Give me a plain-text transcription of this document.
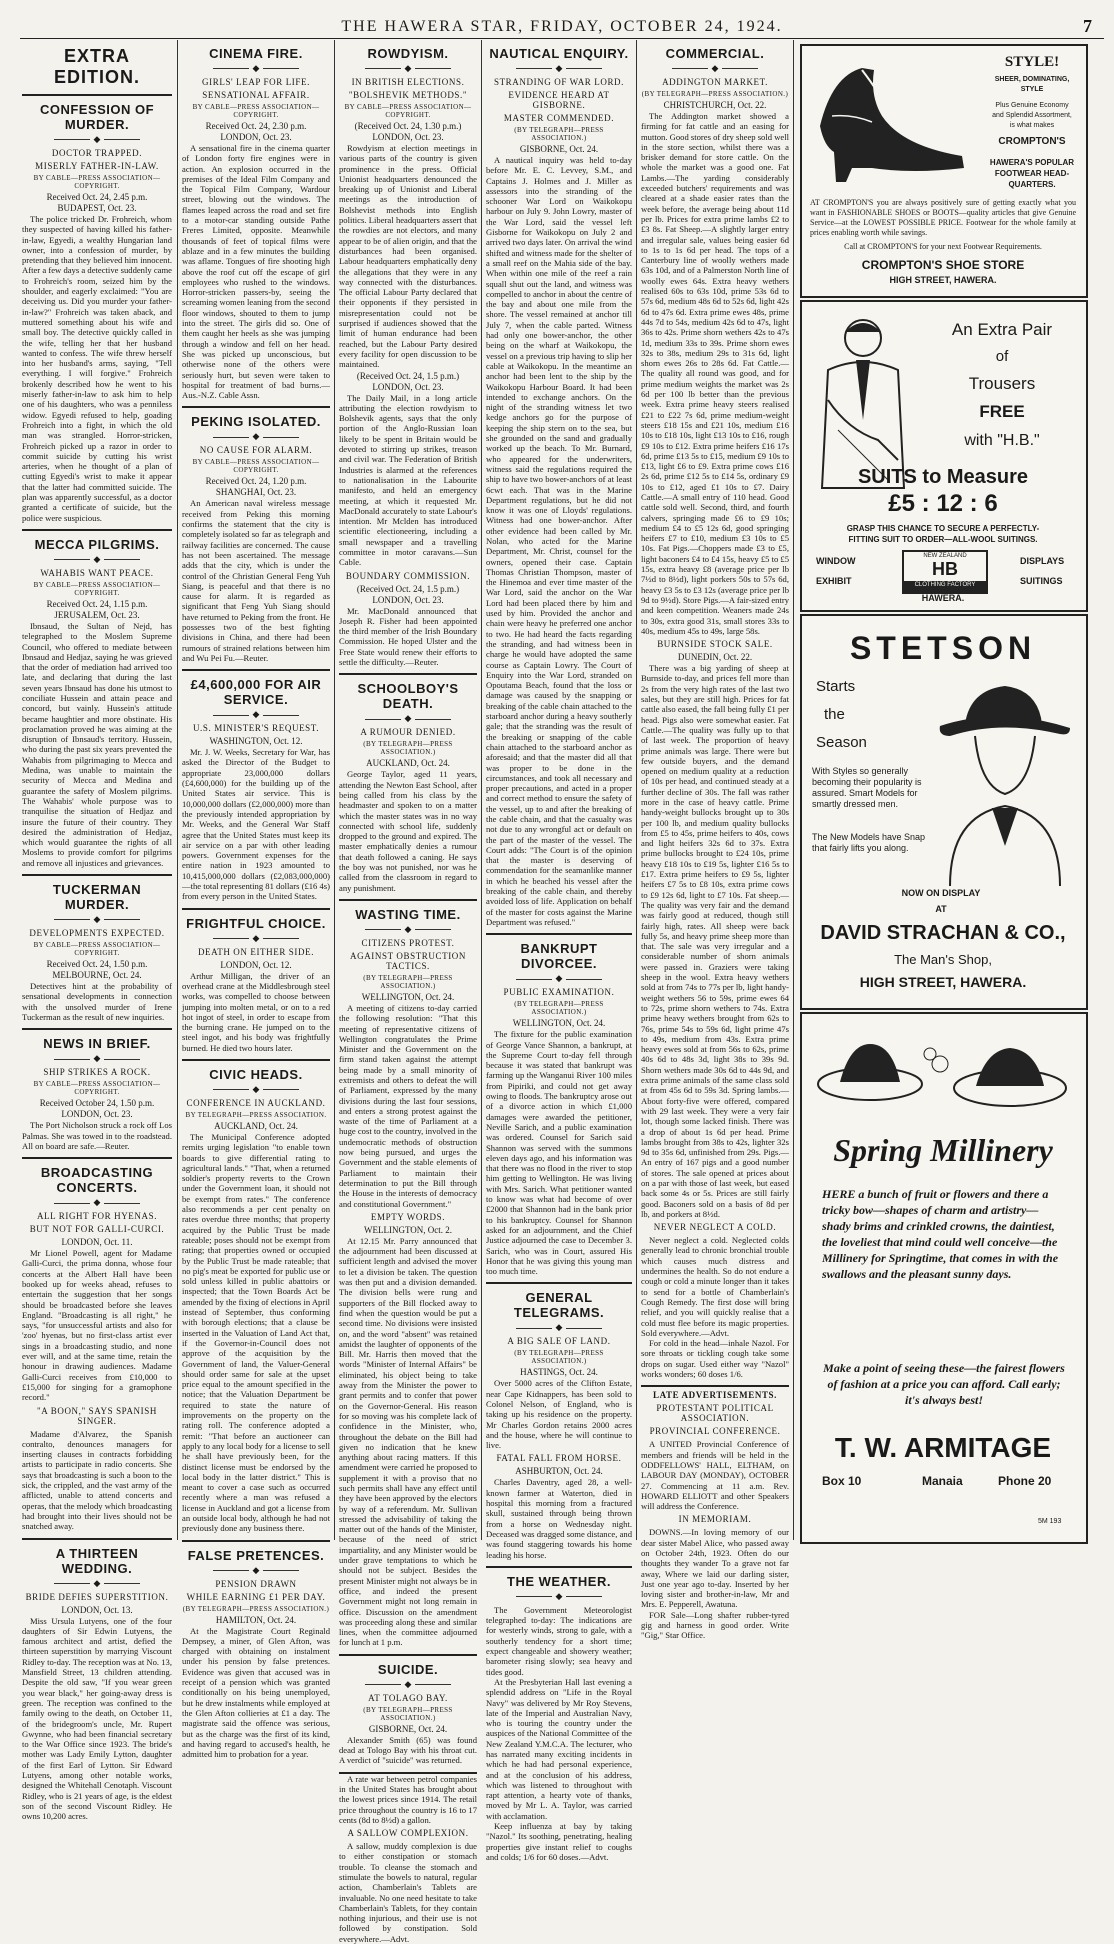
THE HAWERA STAR, FRIDAY, OCTOBER 24, 1924.	7
EXTRA EDITION.
CONFESSION OF MURDER.
◆
DOCTOR TRAPPED.
MISERLY FATHER-IN-LAW.
BY CABLE—PRESS ASSOCIATION—COPYRIGHT.
Received Oct. 24, 2.45 p.m.
BUDAPEST, Oct. 23.

The police tricked Dr. Frohreich, whom they suspected of having killed his father-in-law, Egyedi, a wealthy Hungarian land owner, into a confession of murder, by pretending that they believed him innocent. After a few days a detective suddenly came to Frohreich's room, seized him by the shoulder, and eagerly exclaimed: "You are deceiving us. Did you murder your father-in-law?" Frohreich was taken aback, and muttered something about his wife and small boy. The detective quickly called in the wife, telling her that her husband wanted to confess. The wife threw herself into her husband's arms, saying, "Tell everything. I will forgive." Frohreich brokenly described how he went to his miserly father-in-law to ask him to help one of his daughters, who was a penniless widow. Egyedi refused to help, goading Frohreich into a fight, in which the old man was strangled. Horror-stricken, Frohreich picked up a razor in order to commit suicide by cutting his wrist arteries, when he thought of a plan of cutting Egyedi's wrist to make it appear that the latter had committed suicide. The plan was apparently successful, as a doctor granted a certificate of suicide, but the police were suspicious.

MECCA PILGRIMS.
◆
WAHABIS WANT PEACE.
BY CABLE—PRESS ASSOCIATION—COPYRIGHT.
Received Oct. 24, 1.15 p.m.
JERUSALEM, Oct. 23.

Ibnsaud, the Sultan of Nejd, has telegraphed to the Moslem Supreme Council, who offered to mediate between Ibnsaud and Hedjaz, saying he was grieved that the order of mediation had arrived too late, and declaring that during the last seven years Ibnsaud has done his utmost to conciliate Hussein and attain peace and concord, but vainly. Hussein's attitude became haughtier and more obstinate. His proclamation proved he was aiming at the disruption of Ibnsaud's territory. Hussein, who during the past six years prevented the Wahabis from pilgrimaging to Mecca and Medina, was unable to maintain the security of Mecca and Medina and guarantee the safety of Moslem pilgrims. The Wahabis' whole purpose was to tranquilise the situation of Hedjaz and insure the future of their country. They desired the administration of Hedjaz, which would guarantee the rights of all Moslems to provide comfort for pilgrims and remove all injustices and grievances.

TUCKERMAN MURDER.
◆
DEVELOPMENTS EXPECTED.
BY CABLE—PRESS ASSOCIATION—COPYRIGHT.
Received Oct. 24, 1.50 p.m.
MELBOURNE, Oct. 24.

Detectives hint at the probability of sensational developments in connection with the unsolved murder of Irene Tuckerman as the result of new inquiries.

NEWS IN BRIEF.
◆
SHIP STRIKES A ROCK.
BY CABLE—PRESS ASSOCIATION—COPYRIGHT.
Received October 24, 1.50 p.m.
LONDON, Oct. 23.

The Port Nicholson struck a rock off Los Palmas. She was towed in to the roadstead. All on board are safe.—Reuter.

BROADCASTING CONCERTS.
◆
ALL RIGHT FOR HYENAS.
BUT NOT FOR GALLI-CURCI.
LONDON, Oct. 11.

Mr Lionel Powell, agent for Madame Galli-Curci, the prima donna, whose four concerts at the Albert Hall have been booked up for weeks ahead, refuses to entertain the suggestion that her songs should be broadcasted before she leaves England. "Broadcasting is all right," he says, "for unsuccessful artists and also for 'zoo' hyenas, but no first-class artist ever sings in a broadcasting studio, and none ever will, and at the same time, retain the honour in drawing audiences. Madame Galli-Curci receives from £10,000 to £15,000 for singing for a gramophone record."

"A BOON," SAYS SPANISH SINGER.

Madame d'Alvarez, the Spanish contralto, denounces managers for inserting clauses in contracts forbidding artists to participate in radio concerts. She says that broadcasting is such a boon to the sick, the crippled, and the vast army of the afflicted, unable to attend concerts and operas, that the melody which broadcasting had brought into their lives should not be snatched away.

A THIRTEEN WEDDING.
◆
BRIDE DEFIES SUPERSTITION.
LONDON, Oct. 13.

Miss Ursula Lutyens, one of the four daughters of Sir Edwin Lutyens, the famous architect and artist, defied the thirteen superstition by marrying Viscount Ridley to-day. The reception was at No. 13, Mansfield Street, 13 children attending. Despite the old saw, "If you wear green you wear black," her going-away dress is green. The reception was confined to the family owing to the death, on October 11, of the bridegroom's uncle, Mr. Rupert Gwynne, who had been financial secretary to the War Office since 1923. The bride's mother was Lady Emily Lytton, daughter of the first Earl of Lytton. Sir Edward Lutyens, among other notable works, designed the Whitehall Cenotaph. Viscount Ridley, who is 21 years of age, is the eldest son of the second Viscount Ridley. He owns 10,200 acres.

CINEMA FIRE.
◆
GIRLS' LEAP FOR LIFE.
SENSATIONAL AFFAIR.
BY CABLE—PRESS ASSOCIATION—COPYRIGHT.
Received Oct. 24, 2.30 p.m.
LONDON, Oct. 23.

A sensational fire in the cinema quarter of London forty fire engines were in action. An explosion occurred in the premises of the Ideal Film Company and the Topical Film Company, Wardour street, blowing out the windows. The flames leaped across the road and set fire to a motor-car standing outside Pathe Freres Limited, opposite. Meanwhile thousands of feet of topical films were ablaze and in a few minutes the building was aflame. Tongues of fire shooting high above the roof cut off the escape of girl employees who rushed to the windows. Horror-stricken passers-by, seeing the screaming women leaning from the second floor windows, shouted to them to jump into the street. The girls did so. One of them caught her heels as she was jumping through a window and fell on her head. She was picked up unconscious, but otherwise none of the others were seriously hurt, but seven were taken to hospital for treatment of bad burns.—Aus.-N.Z. Cable Assn.

PEKING ISOLATED.
◆
NO CAUSE FOR ALARM.
BY CABLE—PRESS ASSOCIATION—COPYRIGHT.
Received Oct. 24, 1.20 p.m.
SHANGHAI, Oct. 23.

An American naval wireless message received from Peking this morning confirms the statement that the city is completely isolated so far as telegraph and railway facilities are concerned. The cause has not been ascertained. The message adds that the city, which is under the control of the Christian General Feng Yuh Siang, is peaceful and that there is no cause for alarm. It is regarded as significant that Feng Yuh Siang should have returned to Peking from the front. He possesses two of the best fighting divisions in China, and there had been rumours of strained relations between him and Wu Pei Fu.—Reuter.

£4,600,000 FOR AIR SERVICE.
◆
U.S. MINISTER'S REQUEST.
WASHINGTON, Oct. 12.

Mr. J. W. Weeks, Secretary for War, has asked the Director of the Budget to appropriate 23,000,000 dollars (£4,600,000) for the building up of the United States air service. This is 10,000,000 dollars (£2,000,000) more than the previously intended appropriation by Mr. Weeks, and the General War Staff agree that the United States must keep its air service on a par with other leading powers. Government expenses for the entire nation in 1923 amounted to 10,415,000,000 dollars (£2,083,000,000)—the total representing 81 dollars (£16 4s) from every person in the United States.

FRIGHTFUL CHOICE.
◆
DEATH ON EITHER SIDE.
LONDON, Oct. 12.

Arthur Milligan, the driver of an overhead crane at the Middlesbrough steel works, was compelled to choose between jumping into molten metal, or on to a red hot ingot of steel, in order to escape from the burning crane. He jumped on to the steel ingot, and his body was frightfully burned. He died two hours later.

CIVIC HEADS.
◆
CONFERENCE IN AUCKLAND.
BY TELEGRAPH—PRESS ASSOCIATION.
AUCKLAND, Oct. 24.

The Municipal Conference adopted remits urging legislation "to enable town boards to give differential rating to agricultural lands." "That, when a returned soldier's property reverts to the Crown under the Government loan, it should not be exempt from rates." The conference also recommends a per cent penalty on rates overdue three months; that property acquired by the Public Trust be made rateable; poses should not be exempt from rating; that properties owned or occupied by the Public Trust be made rateable; that no pig's meat be exported for public use or sold unless killed in public abattoirs or inspected; that the Town Boards Act be amended by the fixing of elections in April instead of September, thus conforming with borough elections; that a clause be inserted in the Valuation of Land Act that, if the Governor-in-Council does not approve of the acquisition by the Government of land, the Valuer-General should order same for sale at the upset price equal to the amount specified in the notice; that the Valuation Department be required to state the nature of improvements on the property on the rating roll. The conference adopted a remit: "That before an auctioneer can apply to any local body for a license to sell he shall have previously been, for the distinct license must be endorsed by the local body in the latter district." This is meant to cover a case such as occurred recently where a man was refused a license in Auckland and got a license from an outside local body, although he had not previously done any business there.

FALSE PRETENCES.
◆
PENSION DRAWN
WHILE EARNING £1 PER DAY.
(BY TELEGRAPH—PRESS ASSOCIATION.)
HAMILTON, Oct. 24.

At the Magistrate Court Reginald Dempsey, a miner, of Glen Afton, was charged with obtaining on instalment under his pension by false pretences. Evidence was given that accused was in receipt of a pension which was granted conditionally on his being unemployed, but he drew instalments while employed at the Glen Afton collieries at £1 a day. The magistrate said the offence was serious, but as the charge was the first of its kind, and having regard to accused's health, he admitted him to probation for a year.

ROWDYISM.
◆
IN BRITISH ELECTIONS.
"BOLSHEVIK METHODS."
BY CABLE—PRESS ASSOCIATION—COPYRIGHT.
(Received Oct. 24, 1.30 p.m.)
LONDON, Oct. 23.

Rowdyism at election meetings in various parts of the country is given prominence in the press. Official Unionist headquarters denounced the breaking up of Unionist and Liberal meetings as the introduction of Bolshevist methods into English politics. Liberal headquarters assert that the rowdies are not electors, and many appear to be of alien origin, and that the disturbances had been organised. Labour headquarters emphatically deny the allegations that they were in any way connected with the disturbances. The official Labour Party declared that their opponents if they persisted in misrepresentation could not be surprised if audiences showed that the limit of human endurance had been reached, but the Labour Party desired every facility for open discussion to be maintained.

(Received Oct. 24, 1.5 p.m.)
LONDON, Oct. 23.

The Daily Mail, in a long article attributing the election rowdyism to Bolshevik agents, says that the only portion of the Anglo-Russian loan likely to be spent in Britain would be devoted to stirring up strikes, treason and civil war. The Federation of British Industries is alarmed at the references to nationalisation in the Labourite manifesto, and held an emergency meeting, at which it requested Mr. MacDonald accurately to state Labour's intention. Mr Mclden has introduced scientific electioneering, including a small newspaper and a travelling committee in motor caravans.—Sun Cable.

BOUNDARY COMMISSION.
(Received Oct. 24, 1.5 p.m.)
LONDON, Oct. 23.

Mr. MacDonald announced that Joseph R. Fisher had been appointed the third member of the Irish Boundary Commission. He hoped Ulster and the Free State would renew their efforts to settle the difficulty.—Reuter.

SCHOOLBOY'S DEATH.
◆
A RUMOUR DENIED.
(BY TELEGRAPH—PRESS ASSOCIATION.)
AUCKLAND, Oct. 24.

George Taylor, aged 11 years, attending the Newton East School, after being called from his class by the headmaster and spoken to on a matter which the master states was in no way connected with school life, suddenly dropped to the ground and expired. The master emphatically denies a rumour that death followed a caning. He says the boy was not punished, nor was he called from the classroom in regard to any punishment.

WASTING TIME.
◆
CITIZENS PROTEST.
AGAINST OBSTRUCTION TACTICS.
(BY TELEGRAPH—PRESS ASSOCIATION.)
WELLINGTON, Oct. 24.

A meeting of citizens to-day carried the following resolution: "That this meeting of representative citizens of Wellington congratulates the Prime Minister and the Government on the firm stand taken against the attempt being made by a small minority of extremists and others to defeat the will of Parliament, expressed by the many divisions during the last four sessions, and enters a strong protest against the waste of the time of Parliament at a huge cost to the country, involved in the undemocratic methods of obstruction now being pursued, and urges the Government and the stable elements of Parliament to maintain their determination to put the Bill through the House in the interests of democracy and constitutional Government."

EMPTY WORDS.
WELLINGTON, Oct. 2.

At 12.15 Mr. Parry announced that the adjournment had been discussed at sufficient length and advised the mover to let a division be taken. The question was then put and a division demanded. The division bells were rung and supporters of the Bill flocked away to find when the question would be put a second time. No divisions were insisted on, and the word "absent" was retained amidst the laughter of opponents of the Bill. Mr. Harris then moved that the words "Minister of Internal Affairs" be eliminated, his object being to take away from the Minister the power to grant permits and to confer that power on the Governor-General. His reason for so moving was his complete lack of confidence in the Minister, who, throughout the debate on the Bill had given no indication that he knew anything about racing matters. If this amendment were carried he proposed to supplement it with a proviso that no such permits shall have any effect until they have been approved by the electors by way of a referendum. Mr. Sullivan stressed the advisability of taking the matter out of the hands of the Minister, because of the need of strict impartiality, and any Minister would be under grave temptations to which he should not be subject. Besides the present Minister might not always be in office, and indeed the present Government might not long remain in office. Discussion on the amendment was proceeding along these and similar lines, when the committee adjourned for lunch at 1 p.m.

SUICIDE.
◆
AT TOLAGO BAY.
(BY TELEGRAPH—PRESS ASSOCIATION.)
GISBORNE, Oct. 24.

Alexander Smith (65) was found dead at Tologo Bay with his throat cut. A verdict of "suicide" was returned.

A rate war between petrol companies in the United States has brought about the lowest prices since 1914. The retail price throughout the country is 16 to 17 cents (8d to 8½d) a gallon.

A SALLOW COMPLEXION.

A sallow, muddy complexion is due to either constipation or stomach trouble. To cleanse the stomach and stimulate the bowels to natural, regular action, Chamberlain's Tablets are invaluable. No one need hesitate to take Chamberlain's Tablets, for they contain nothing injurious, and their use is not followed by constipation. Sold everywhere.—Advt.

NAUTICAL ENQUIRY.
◆
STRANDING OF WAR LORD.
EVIDENCE HEARD AT GISBORNE.
MASTER COMMENDED.
(BY TELEGRAPH—PRESS ASSOCIATION.)
GISBORNE, Oct. 24.

A nautical inquiry was held to-day before Mr. E. C. Levvey, S.M., and Captains J. Holmes and J. Miller as assessors into the stranding of the schooner War Lord on Waikokopu harbour on July 9. John Lowry, master of the War Lord, said the vessel left Gisborne for Waikokopu on July 2 and arrived two days later. On arrival the wind shifted and witness made for the shelter of a small reef on the Mahia side of the bay. When within one mile of the reef a rain squall shut out the land, and witness was compelled to anchor in about the centre of the bay and about one mile from the shore. The vessel remained at anchor till July 7, when the cable parted. Witness had only one bower-anchor, the other being on the wharf at Waikokopu, the vessel on a previous trip having to slip her cable at Waikokopu. In the meantime an anchor had been lent to the ship by the Waikokopu Harbour Board. It had been intended to exchange anchors. On the night of the stranding witness let two kedge anchors go for the purpose of keeping the ship stern on to the sea, but she grounded on the sand and gradually worked up the beach. To Mr. Burnard, who appeared for the underwriters, witness said the regulations required the ship to have two bower-anchors of at least 6cwt each. That was in the Marine Department regulations, but he did not know it was one of Lloyds' regulations. Witness had one bower-anchor. After other evidence had been called by Mr. Nolan, who acted for the Marine Department, Mr. Christ, counsel for the owners, opened their case. Captain Thomas Christian Thompson, master of the Hinemoa and ever time master of the War Lord, said the anchor on the War Lord had been placed there by him and used by him. Provided the anchor and chain were heavy he preferred one anchor to two. He had heard the facts regarding the stranding, and had witness been in charge he would have adopted the same course as Captain Lowry. The Court of Enquiry into the War Lord, stranded on Opoutama Beach, found that the loss or damage was caused by the snapping or breaking of the cable chain attached to the starboard anchor during a heavy southerly gale; that the stranding was the result of the breaking or snapping of the cable chain attached to the starboard anchor as aforesaid; and that the master did all that was proper to be done in the circumstances, and took all necessary and proper precautions, and acted in a proper and correct method to ensure the safety of the vessel, up to and after the breaking of the cable chain, and that the casualty was not due to any wrongful act or default on the part of the master of the vessel. The Court adds: "The Court is of the opinion that the master is deserving of commendation for the seamanlike manner in which he beached his vessel after the breaking of the cable chain, and thereby avoided loss of life. Application on behalf of the master for costs against the Marine Department was refused."

BANKRUPT DIVORCEE.
◆
PUBLIC EXAMINATION.
(BY TELEGRAPH—PRESS ASSOCIATION.)
WELLINGTON, Oct. 24.

The fixture for the public examination of George Vance Shannon, a bankrupt, at the Supreme Court to-day fell through because it was stated that bankrupt was farming up the Wanganui River 100 miles from Pipiriki, and could not get away owing to floods. The bankruptcy arose out of a divorce action in which £1,000 damages were awarded the petitioner, Neville Sarich, and a public examination was ordered. Counsel for Sarich said Shannon was served with the summons eleven days ago, and his information was that there was no flood in the river to stop him getting to Wellington. He was living with Mrs. Sarich. What petitioner wanted to know was what had become of over £2000 that Shannon had in the bank prior to his bankruptcy. Counsel for Shannon asked for an adjournment, and the Chief Justice adjourned the case to December 3. Sarich, who was in Court, assured His Honor that he was giving this young man too much time.

GENERAL TELEGRAMS.
◆
A BIG SALE OF LAND.
(BY TELEGRAPH—PRESS ASSOCIATION.)
HASTINGS, Oct. 24.

Over 5000 acres of the Clifton Estate, near Cape Kidnappers, has been sold to Colonel Nelson, of England, who is taking up his residence on the property. Mr Charles Gordon retains 2000 acres and the house, where he will continue to live.

FATAL FALL FROM HORSE.
ASHBURTON, Oct. 24.

Charles Daventry, aged 28, a well-known farmer at Waterton, died in hospital this morning from a fractured skull, sustained through being thrown from a horse on Wednesday night. Deceased was dragged some distance, and was found staggering towards his home leading his horse.

THE WEATHER.
◆

The Government Meteorologist telegraphed to-day: The indications are for westerly winds, strong to gale, with a southerly tendency for a short time; expect changeable and showery weather; barometer rising slowly; sea heavy and tides good.

At the Presbyterian Hall last evening a splendid address on "Life in the Royal Navy" was delivered by Mr Roy Stevens, late of the Imperial and Australian Navy, who is touring the country under the auspices of the National Committee of the New Zealand Y.M.C.A. The lecturer, who has narrated many exciting incidents in which he had had personal experience, and at the conclusion of his address, which was listened to throughout with rapt attention, a hearty vote of thanks, moved by Mr L. A. Taylor, was carried with acclamation.

Keep influenza at bay by taking "Nazol." Its soothing, penetrating, healing properties give instant relief to coughs and colds; 1/6 for 60 doses.—Advt.

COMMERCIAL.
◆
ADDINGTON MARKET.
(BY TELEGRAPH—PRESS ASSOCIATION.)
CHRISTCHURCH, Oct. 22.

The Addington market showed a firming for fat cattle and an easing for mutton. Good stores of dry sheep sold well in the store section, whilst there was a brisker demand for store cattle. On the whole the market was a good one. Fat Lambs.—The yarding considerably exceeded butchers' requirements and was cleared at a shade easier rates than the week before, the average being about 11d per lb. Prices for extra prime lambs £2 to £3 8s. Fat Sheep.—A slightly larger entry and irregular sale, values being easier 6d to 1s to 1s 6d per head. The tops of a Canterbury line of woolly wethers made 63s 10d, and of a Palmerston North line of woolly ewes 64s. Extra heavy wethers realised 60s to 63s 10d, prime 53s 6d to 57s 6d, medium 48s 6d to 52s 6d, light 42s 6d to 47s 6d. Extra prime ewes 48s, prime 44s 7d to 54s, medium 42s 6d to 47s, light 36s to 42s. Prime shorn wethers 42s to 47s 1d, medium 33s to 39s. Prime shorn ewes 32s to 38s, medium 29s to 31s 6d, light shorn ewes 26s to 28s 6d. Fat Cattle.—The quality all round was good, and for prime medium weights the market was 2s 6d per 100 lb better than the previous week. Extra prime heavy steers realised £21 to £22 7s 6d, prime medium-weight steers £18 15s and £21 10s, medium £16 10s to £18 10s, light £13 10s to £16, rough £9 10s to £12. Extra prime heifers £16 17s 6d, prime £13 5s to £15, medium £9 10s to £13, light £6 to £9. Extra prime cows £16 2s 6d, prime £12 5s to £14 5s, ordinary £9 10s to £12, aged £1 10s to £7. Dairy Cattle.—A small entry of 110 head. Good cattle sold well. Second, third, and fourth calvers, springing made £6 to £9 10s; medium £4 to £5 12s 6d, good springing heifers £7 to £10, medium £3 10s to £5 10s. Fat Pigs.—Choppers made £3 to £5, light baconers £4 to £4 15s, heavy £5 to £5 15s, extra heavy £8 (average price per lb 7½d to 8½d), light porkers 50s to 57s 6d, heavy £3 5s to £3 12s (average price per lb 9d to 9½d). Store Pigs.—A fair-sized entry and keen competition. Weaners made 24s to 30s, extra good 31s, small stores 33s to 40s, medium 45s to 49s, large 58s.

BURNSIDE STOCK SALE.
DUNEDIN, Oct. 22.

There was a big yarding of sheep at Burnside to-day, and prices fell more than 2s from the very high rates of the last two sales, but they are still high. Prices for fat cattle also eased, the fall being fully £1 per head. Pigs also were somewhat easier. Fat Cattle.—The quality was fully up to that of last week. The proportion of heavy prime animals was large. There were but few outside buyers, and the demand opened on medium quality at a reduction of 10s per head, and continued steady at a further decline of 30s. The fall was rather more in the case of heavy cattle. Prime handy-weight bullocks brought up to 30s per 100 lb, and medium quality bullocks from £5 to 45s, prime heifers to 40s, cows and light heifers 32s 6d to 37s. Extra prime bullocks brought to £24 10s, prime heavy £18 10s to £19 5s, lighter £16 5s to £17. Extra prime heifers to £9 5s, lighter heifers £7 5s to £8 10s, extra prime cows to £9 12s 6d, light to £7 10s. Fat sheep.—The quality was very fair and the demand was fairly good at reduced, though still fairly high, rates. All sheep were back fully 5s, and heavy prime sheep more than that. The sale was very irregular and a considerable number of shorn animals were passed in. Graziers were taking sheep in the wool. Extra heavy wethers sold at from 74s to 77s per lb, light handy-weight wethers 56 to 59s, prime ewes 64 to 72s, prime shorn wethers to 74s. Extra prime heavy wethers brought from 62s to 76s, prime 54s to 59s 6d, light prime 47s to 49s, medium from 43s. Extra prime heavy ewes sold at from 56s to 62s, prime 40s 6d to 48s 3d, light 38s to 39s 9d. Shorn wethers made 30s 6d to 44s 9d, and extra prime animals of the same class sold at from 45s 6d to 59s 3d. Spring lambs.—About forty-five were offered, compared with 29 last week. They were a very fair lot, though some lacked finish. There was a drop of about 1s 6d per head. Prime lambs brought from 38s to 42s, lighter 32s 9d to 35s 6d, unfinished from 29s. Pigs.—An entry of 167 pigs and a good number of stores. The sale opened at prices about on a par with those of last week, but eased back some 4s or 5s. Prices are still fairly good. Baconers sold on a basis of 8d per lb, and porkers at 8½d.

NEVER NEGLECT A COLD.

Never neglect a cold. Neglected colds generally lead to chronic bronchial trouble which causes much distress and undermines the health. So do not endure a cough or cold a minute longer than it takes to send for a bottle of Chamberlain's Cough Remedy. The first dose will bring relief, and you will quickly realise that a cold must flee before its magic properties. Sold everywhere.—Advt.

For cold in the head—inhale Nazol. For sore throats or tickling cough take some drops on sugar. Used either way "Nazol" works wonders; 60 doses 1/6.

LATE ADVERTISEMENTS.
PROTESTANT POLITICAL ASSOCIATION.
PROVINCIAL CONFERENCE.

A UNITED Provincial Conference of members and friends will be held in the ODDFELLOWS' HALL, ELTHAM, on LABOUR DAY (MONDAY), OCTOBER 27. Commencing at 11 a.m. Rev. HOWARD ELLIOTT and other Speakers will address the Conference.

IN MEMORIAM.

DOWNS.—In loving memory of our dear sister Mabel Alice, who passed away on October 24th, 1923. Often do our thoughts they wander To a grave not far away, Where we laid our darling sister, Just one year ago to-day. Inserted by her loving sister and brother-in-law, Mr and Mrs. E. Pepperell, Awatuna.

FOR Sale—Long shafter rubber-tyred gig and harness in good order. Write "Gig," Star Office.

STYLE!
SHEER, DOMINATING,
STYLE
Plus Genuine Economy
and Splendid Assortment,
is what makes
CROMPTON'S
HAWERA'S POPULAR
FOOTWEAR HEAD-
QUARTERS.
AT CROMPTON'S you are always positively sure of getting exactly what you want in FASHIONABLE SHOES or BOOTS—quality articles that give Genuine Service—at the LOWEST POSSIBLE PRICE. Footwear for the whole family at prices enabling worth while savings.
Call at CROMPTON'S for your next Footwear Requirements.
CROMPTON'S SHOE STORE
HIGH STREET, HAWERA.
An Extra Pair
of
Trousers
FREE
with "H.B."
SUITS to Measure
£5 : 12 : 6
GRASP THIS CHANCE TO SECURE A PERFECTLY-
FITTING SUIT TO ORDER—ALL-WOOL SUITINGS.
WINDOW
EXHIBIT
DISPLAYS
SUITINGS
NEW ZEALAND
HB
CLOTHING FACTORY
HAWERA.
STETSON
Starts
the
Season
With Styles so generally becoming their popularity is assured. Smart Models for smartly dressed men.
The New Models have Snap that fairly lifts you along.
NOW ON DISPLAY
AT
DAVID STRACHAN & CO.,
The Man's Shop,
HIGH STREET, HAWERA.
Spring Millinery
HERE a bunch of fruit or flowers and there a tricky bow—shapes of charm and artistry—shady brims and crinkled crowns, the daintiest, the loveliest that mind could well conceive—the Millinery for Springtime, that comes in with the swallows and the pleasant sunny days.
Make a point of seeing these—the fairest flowers of fashion at a price you can afford. Call early; it's always best!
T. W. ARMITAGE
Box 10	Manaia	Phone 20
5M 193
